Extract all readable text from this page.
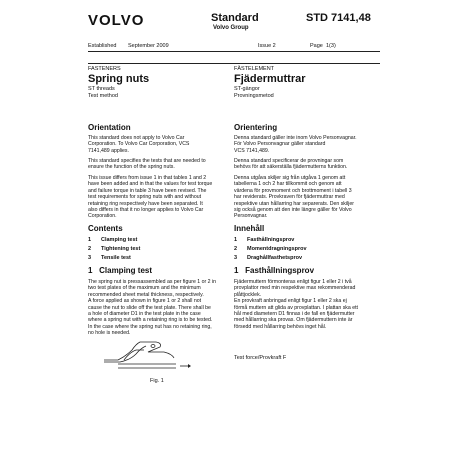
VOLVO	Standard
Volvo Group
STD 7141,48
Established September 2009	Issue 2	Page 1(3)
FASTENERS
Spring nuts
ST threads
Test method
Orientation
This standard does not apply to Volvo Car
Corporation. To Volvo Car Corporation, VCS
7141,489 applies.
This standard specifies the tests that are needed to
ensure the function of the spring nuts.
This issue differs from issue 1 in that tables 1 and 2
have been added and in that the values for test torque
and failure torque in table 3 have been revised. The
test requirements for spring nuts with and without
retaining ring respectively have been separated. It
also differs in that it no longer applies to Volvo Car
Corporation.
Contents
1 Clamping test
2 Tightening test
3 Tensile test
1   Clamping test
The spring nut is pressassembled as per figure 1 or 2 in
two test plates of the maximum and the minimum
recommended sheet metal thickness, respectively.
A force applied as shown in figure 1 or 2 shall not
cause the nut to slide off the test plate. There shall be
a hole of diameter D1 in the test plate in the case
where a spring nut with a retaining ring is to be tested.
In the case where the spring nut has no retaining ring,
no hole is needed.
Fig. 1
FÄSTELEMENT
Fjädermuttrar
ST-gängor
Provningsmetod
Orientering
Denna standard gäller inte inom Volvo Personvagnar.
För Volvo Personvagnar gäller standard
VCS 7141,489.
Denna standard specificerar de provningar som
behövs för att säkerställa fjädermutterns funktion.
Denna utgåva skiljer sig från utgåva 1 genom att
tabellerna 1 och 2 har tillkommit och genom att
värdena för provmoment och brottmoment i tabell 3
har reviderats. Provkraven för fjädermuttrar med
respektive utan hållarring har separerats. Den skiljer
sig också genom att den inte längre gäller för Volvo
Personvagnar.
Innehåll
1 Fasthållningsprov
2 Momentdragningsprov
3 Draghållfasthetsprov
1   Fasthållningsprov
Fjädermuttern förmonteras enligt figur 1 eller 2 i två
provplattor med min respektive max rekommenderad
plåttjocklek.
En provkraft anbringad enligt figur 1 eller 2 ska ej
förmå muttern att glida av provplattan. I plattan ska ett
hål med diametern D1 finnas i de fall en fjädermutter
med hållarring ska provas. Om fjädermuttern inte är
försedd med hållarring behövs inget hål.
Test force/Provkraft F
